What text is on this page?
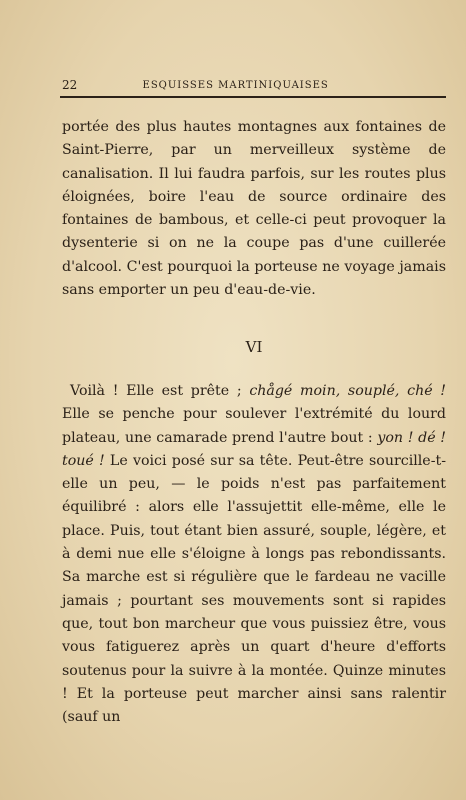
22	ESQUISSES MARTINIQUAISES
portée des plus hautes montagnes aux fontaines de Saint-Pierre, par un merveilleux système de canalisation. Il lui faudra parfois, sur les routes plus éloignées, boire l'eau de source ordinaire des fontaines de bambous, et celle-ci peut provoquer la dysenterie si on ne la coupe pas d'une cuillerée d'alcool. C'est pourquoi la porteuse ne voyage jamais sans emporter un peu d'eau-de-vie.
VI
Voilà ! Elle est prête ; chågé moin, souplé, ché ! Elle se penche pour soulever l'extrémité du lourd plateau, une camarade prend l'autre bout : yon ! dé ! toué ! Le voici posé sur sa tête. Peut-être sourcille-t-elle un peu, — le poids n'est pas parfaitement équilibré : alors elle l'assujettit elle-même, elle le place. Puis, tout étant bien assuré, souple, légère, et à demi nue elle s'éloigne à longs pas rebondissants. Sa marche est si régulière que le fardeau ne vacille jamais ; pourtant ses mouvements sont si rapides que, tout bon marcheur que vous puissiez être, vous vous fatiguerez après un quart d'heure d'efforts soutenus pour la suivre à la montée. Quinze minutes ! Et la porteuse peut marcher ainsi sans ralentir (sauf un
